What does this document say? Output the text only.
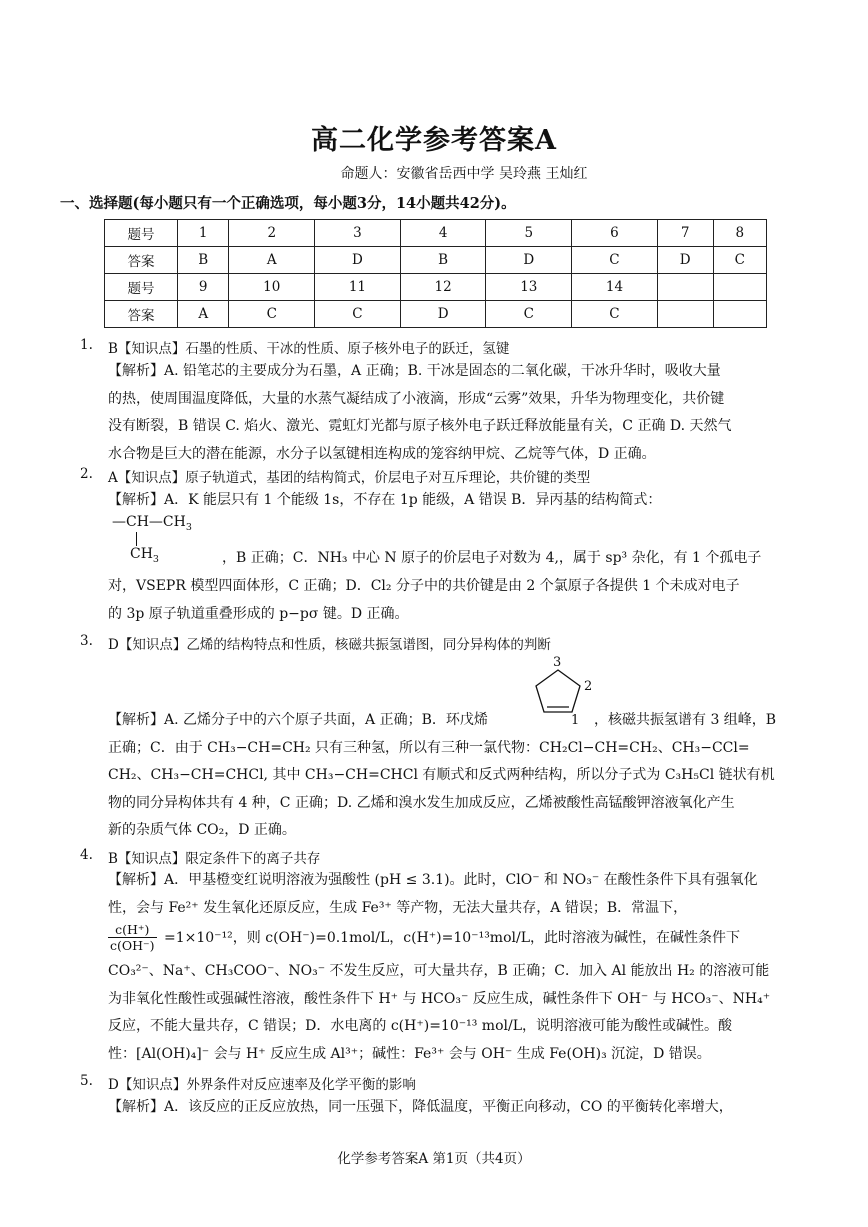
高二化学参考答案A
命题人：安徽省岳西中学 吴玲燕 王灿红
一、选择题(每小题只有一个正确选项，每小题3分，14小题共42分)。
题号	1	2	3	4	5	6	7	8
答案	B	A	D	B	D	C	D	C
题号	9	10	11	12	13	14		
答案	A	C	C	D	C	C		
1. B【知识点】石墨的性质、干冰的性质、原子核外电子的跃迁，氢键
【解析】A. 铅笔芯的主要成分为石墨，A 正确；B. 干冰是固态的二氧化碳，干冰升华时，吸收大量
的热，使周围温度降低，大量的水蒸气凝结成了小液滴，形成“云雾”效果，升华为物理变化，共价键
没有断裂，B 错误 C. 焰火、激光、霓虹灯光都与原子核外电子跃迁释放能量有关，C 正确 D. 天然气
水合物是巨大的潜在能源，水分子以氢键相连构成的笼容纳甲烷、乙烷等气体，D 正确。
2. A【知识点】原子轨道式，基团的结构简式，价层电子对互斥理论，共价键的类型
【解析】A．K 能层只有 1 个能级 1s，不存在 1p 能级，A 错误 B．异丙基的结构简式：
$—CH—CH_3$
$CH_3$	，B 正确；C．NH₃ 中心 N 原子的价层电子对数为 4,，属于 sp³ 杂化，有 1 个孤电子
对，VSEPR 模型四面体形，C 正确；D．Cl₂ 分子中的共价键是由 2 个氯原子各提供 1 个未成对电子
的 3p 原子轨道重叠形成的 p−pσ 键。D 正确。
3. D【知识点】乙烯的结构特点和性质，核磁共振氢谱图，同分异构体的判断
3
2
1
【解析】A. 乙烯分子中的六个原子共面，A 正确；B．环戊烯	，核磁共振氢谱有 3 组峰，B
正确；C．由于 CH₃−CH=CH₂ 只有三种氢，所以有三种一氯代物：CH₂Cl−CH=CH₂、CH₃−CCl=
CH₂、CH₃−CH=CHCl, 其中 CH₃−CH=CHCl 有顺式和反式两种结构，所以分子式为 C₃H₅Cl 链状有机
物的同分异构体共有 4 种，C 正确；D. 乙烯和溴水发生加成反应，乙烯被酸性高锰酸钾溶液氧化产生
新的杂质气体 CO₂，D 正确。
4. B【知识点】限定条件下的离子共存
【解析】A．甲基橙变红说明溶液为强酸性 (pH ≤ 3.1)。此时，ClO⁻ 和 NO₃⁻ 在酸性条件下具有强氧化
性，会与 Fe²⁺ 发生氧化还原反应，生成 Fe³⁺ 等产物，无法大量共存，A 错误；B．常温下，
$\frac{c(H^+)}{c(OH^-)} =1\times 10^{-12}$，则 c(OH⁻)=0.1mol/L，c(H⁺)=10⁻¹³mol/L，此时溶液为碱性，在碱性条件下
CO₃²⁻、Na⁺、CH₃COO⁻、NO₃⁻ 不发生反应，可大量共存，B 正确；C．加入 Al 能放出 H₂ 的溶液可能
为非氧化性酸性或强碱性溶液，酸性条件下 H⁺ 与 HCO₃⁻ 反应生成，碱性条件下 OH⁻ 与 HCO₃⁻、NH₄⁺
反应，不能大量共存，C 错误；D．水电离的 c(H⁺)=10⁻¹³ mol/L，说明溶液可能为酸性或碱性。酸
性：[Al(OH)₄]⁻ 会与 H⁺ 反应生成 Al³⁺；碱性：Fe³⁺ 会与 OH⁻ 生成 Fe(OH)₃ 沉淀，D 错误。
5. D【知识点】外界条件对反应速率及化学平衡的影响
【解析】A．该反应的正反应放热，同一压强下，降低温度，平衡正向移动，CO 的平衡转化率增大，
化学参考答案A 第1页（共4页）
